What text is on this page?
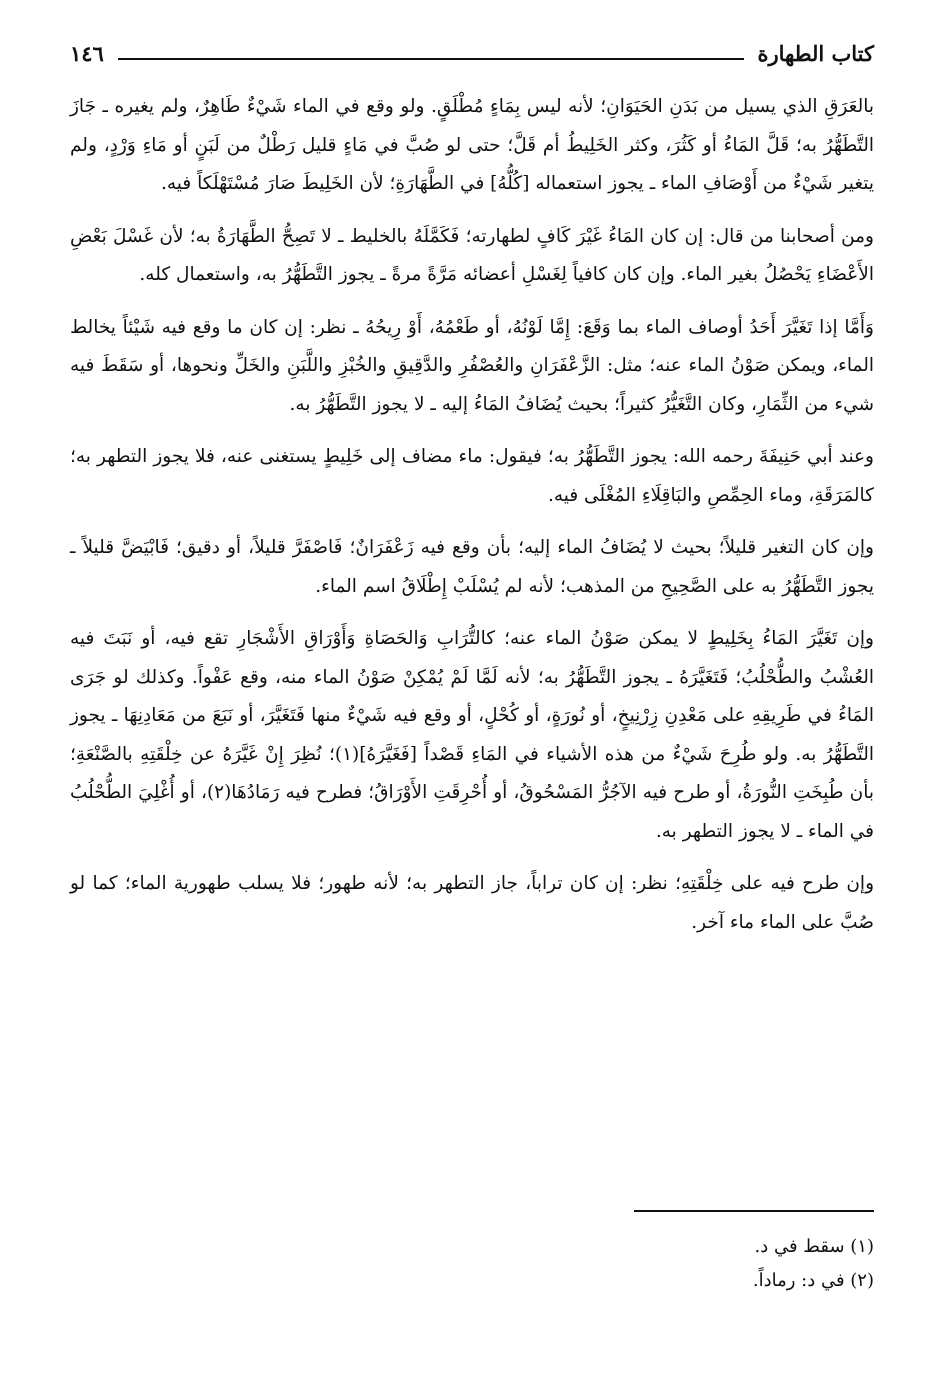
كتاب الطهارة
١٤٦

بالعَرَقِ الذي يسيل من بَدَنِ الحَيَوَانِ؛ لأنه ليس بِمَاءٍ مُطْلَقٍ. ولو وقع في الماء شَيْءٌ طَاهِرٌ، ولم يغيره ـ جَازَ التَّطَهُّرُ به؛ قَلَّ المَاءُ أو كَثُرَ، وكثر الخَلِيطُ أم قَلَّ؛ حتى لو صُبَّ في مَاءٍ قليل رَطْلٌ من لَبَنٍ أو مَاءِ وَرْدٍ، ولم يتغير شَيْءٌ من أَوْصَافِ الماء ـ يجوز استعماله [كُلُّهُ] في الطَّهَارَةِ؛ لأن الخَلِيطَ صَارَ مُسْتَهْلَكاً فيه.

ومن أصحابنا من قال: إن كان المَاءُ غَيْرَ كَافٍ لطهارته؛ فَكَمَّلَهُ بالخليط ـ لا تَصِحُّ الطَّهَارَةُ به؛ لأن غَسْلَ بَعْضِ الأَعْضَاءِ يَحْصُلُ بغير الماء. وإن كان كافياً لِغَسْلِ أعضائه مَرَّةً مرةً ـ يجوز التَّطَهُّرُ به، واستعمال كله.

وَأَمَّا إذا تَغَيَّرَ أَحَدُ أوصاف الماء بما وَقَعَ: إِمَّا لَوْنُهُ، أو طَعْمُهُ، أَوْ رِيحُهُ ـ نظر: إن كان ما وقع فيه شَيْئاً يخالط الماء، ويمكن صَوْنُ الماء عنه؛ مثل: الزَّعْفَرَانِ والعُصْفُرِ والدَّقِيقِ والخُبْزِ واللَّبَنِ والخَلِّ ونحوها، أو سَقَطَ فيه شيء من الثِّمَارِ، وكان التَّغَيُّرُ كثيراً؛ بحيث يُضَافُ المَاءُ إليه ـ لا يجوز التَّطَهُّرُ به.

وعند أبي حَنِيفَةَ رحمه الله: يجوز التَّطَهُّرُ به؛ فيقول: ماء مضاف إلى خَلِيطٍ يستغنى عنه، فلا يجوز التطهر به؛ كالمَرَقَةِ، وماء الحِمِّصِ والبَاقِلَاءِ المُغْلَى فيه.

وإن كان التغير قليلاً؛ بحيث لا يُضَافُ الماء إليه؛ بأن وقع فيه زَعْفَرَانٌ؛ فَاصْفَرَّ قليلاً، أو دقيق؛ فَابْيَضَّ قليلاً ـ يجوز التَّطَهُّرُ به على الصَّحِيحِ من المذهب؛ لأنه لم يُسْلَبْ إِطْلَاقُ اسم الماء.

وإن تَغَيَّرَ المَاءُ بِخَلِيطٍ لا يمكن صَوْنُ الماء عنه؛ كالتُّرَابِ وَالحَصَاةِ وَأَوْرَاقِ الأَشْجَارِ تقع فيه، أو نَبَتَ فيه العُشْبُ والطُّحْلُبُ؛ فَتَغَيَّرَهُ ـ يجوز التَّطَهُّرُ به؛ لأنه لَمَّا لَمْ يُمْكِنْ صَوْنُ الماء منه، وقع عَفْواً. وكذلك لو جَرَى المَاءُ في طَرِيقِهِ على مَعْدِنِ زِرْنِيخٍ، أو نُورَةٍ، أو كُحْلٍ، أو وقع فيه شَيْءٌ منها فَتَغَيَّرَ، أو نَبَعَ من مَعَادِنِهَا ـ يجوز التَّطَهُّرُ به. ولو طُرِحَ شَيْءٌ من هذه الأشياء في المَاءِ قَصْداً [فَغَيَّرَهُ](١)؛ نُظِرَ إِنْ غَيَّرَهُ عن خِلْقَتِهِ بالصَّنْعَةِ؛ بأن طُبِخَتِ النُّورَةُ، أو طرح فيه الآجُرُّ المَسْحُوقُ، أو أُحْرِقَتِ الأَوْرَاقُ؛ فطرح فيه رَمَادُهَا(٢)، أو أُغْلِيَ الطُّحْلُبُ في الماء ـ لا يجوز التطهر به.

وإن طرح فيه على خِلْقَتِهِ؛ نظر: إن كان تراباً، جاز التطهر به؛ لأنه طهور؛ فلا يسلب طهورية الماء؛ كما لو صُبَّ على الماء ماء آخر.

(١) سقط في د.
(٢) في د: رماداً.
